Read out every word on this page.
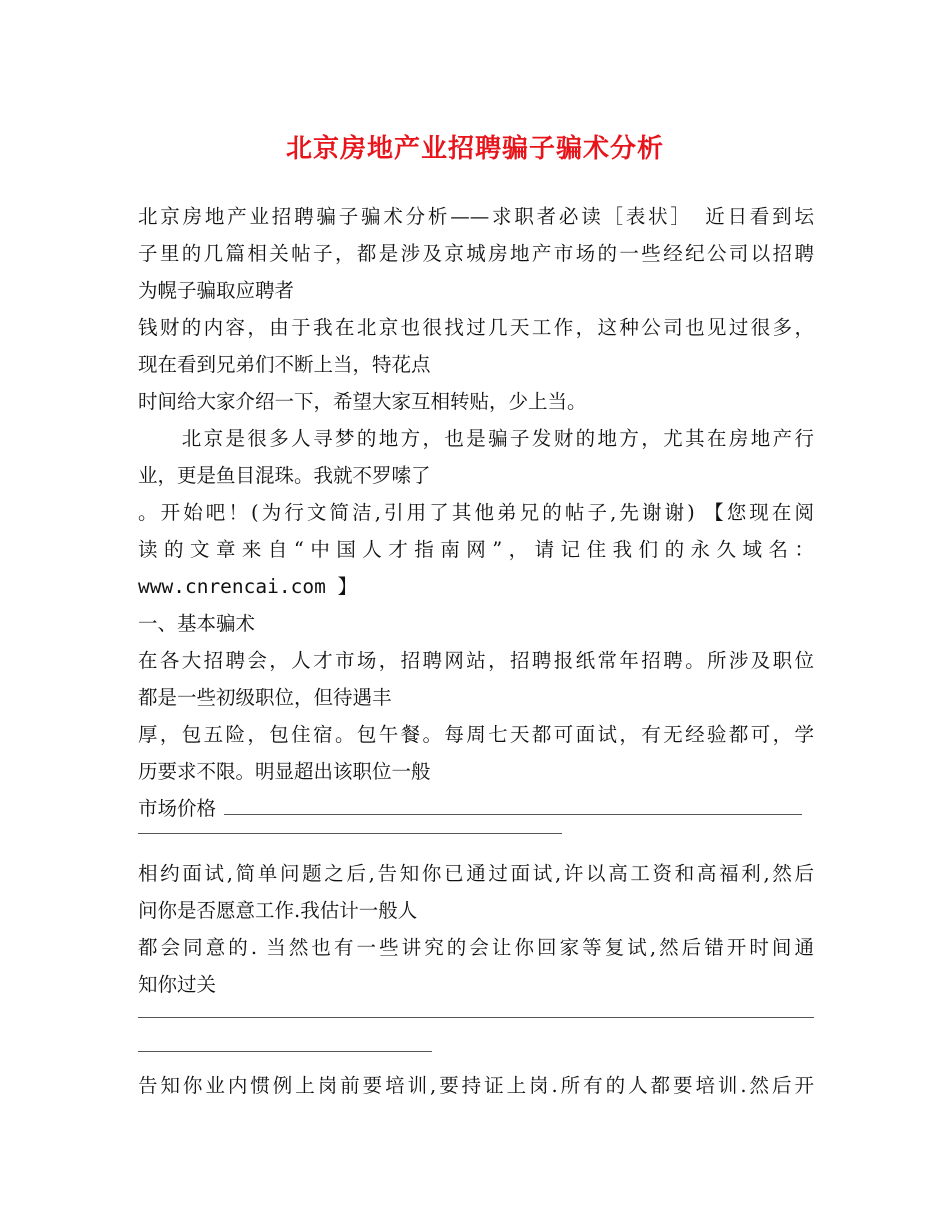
北京房地产业招聘骗子骗术分析
北京房地产业招聘骗子骗术分析——求职者必读［表状］　近日看到坛
子里的几篇相关帖子，都是涉及京城房地产市场的一些经纪公司以招聘
为幌子骗取应聘者
钱财的内容，由于我在北京也很找过几天工作，这种公司也见过很多，
现在看到兄弟们不断上当，特花点
时间给大家介绍一下，希望大家互相转贴，少上当。
　　北京是很多人寻梦的地方，也是骗子发财的地方，尤其在房地产行
业，更是鱼目混珠。我就不罗嗦了
。开始吧！(为行文简洁,引用了其他弟兄的帖子,先谢谢) 【您现在阅
读的文章来自“中国人才指南网”，请记住我们的永久域名：
www.cnrencai.com 】
一、基本骗术
在各大招聘会，人才市场，招聘网站，招聘报纸常年招聘。所涉及职位
都是一些初级职位，但待遇丰
厚，包五险，包住宿。包午餐。每周七天都可面试，有无经验都可，学
历要求不限。明显超出该职位一般
市场价格
相约面试,简单问题之后,告知你已通过面试,许以高工资和高福利,然后
问你是否愿意工作.我估计一般人
都会同意的. 当然也有一些讲究的会让你回家等复试,然后错开时间通
知你过关
告知你业内惯例上岗前要培训,要持证上岗.所有的人都要培训.然后开
